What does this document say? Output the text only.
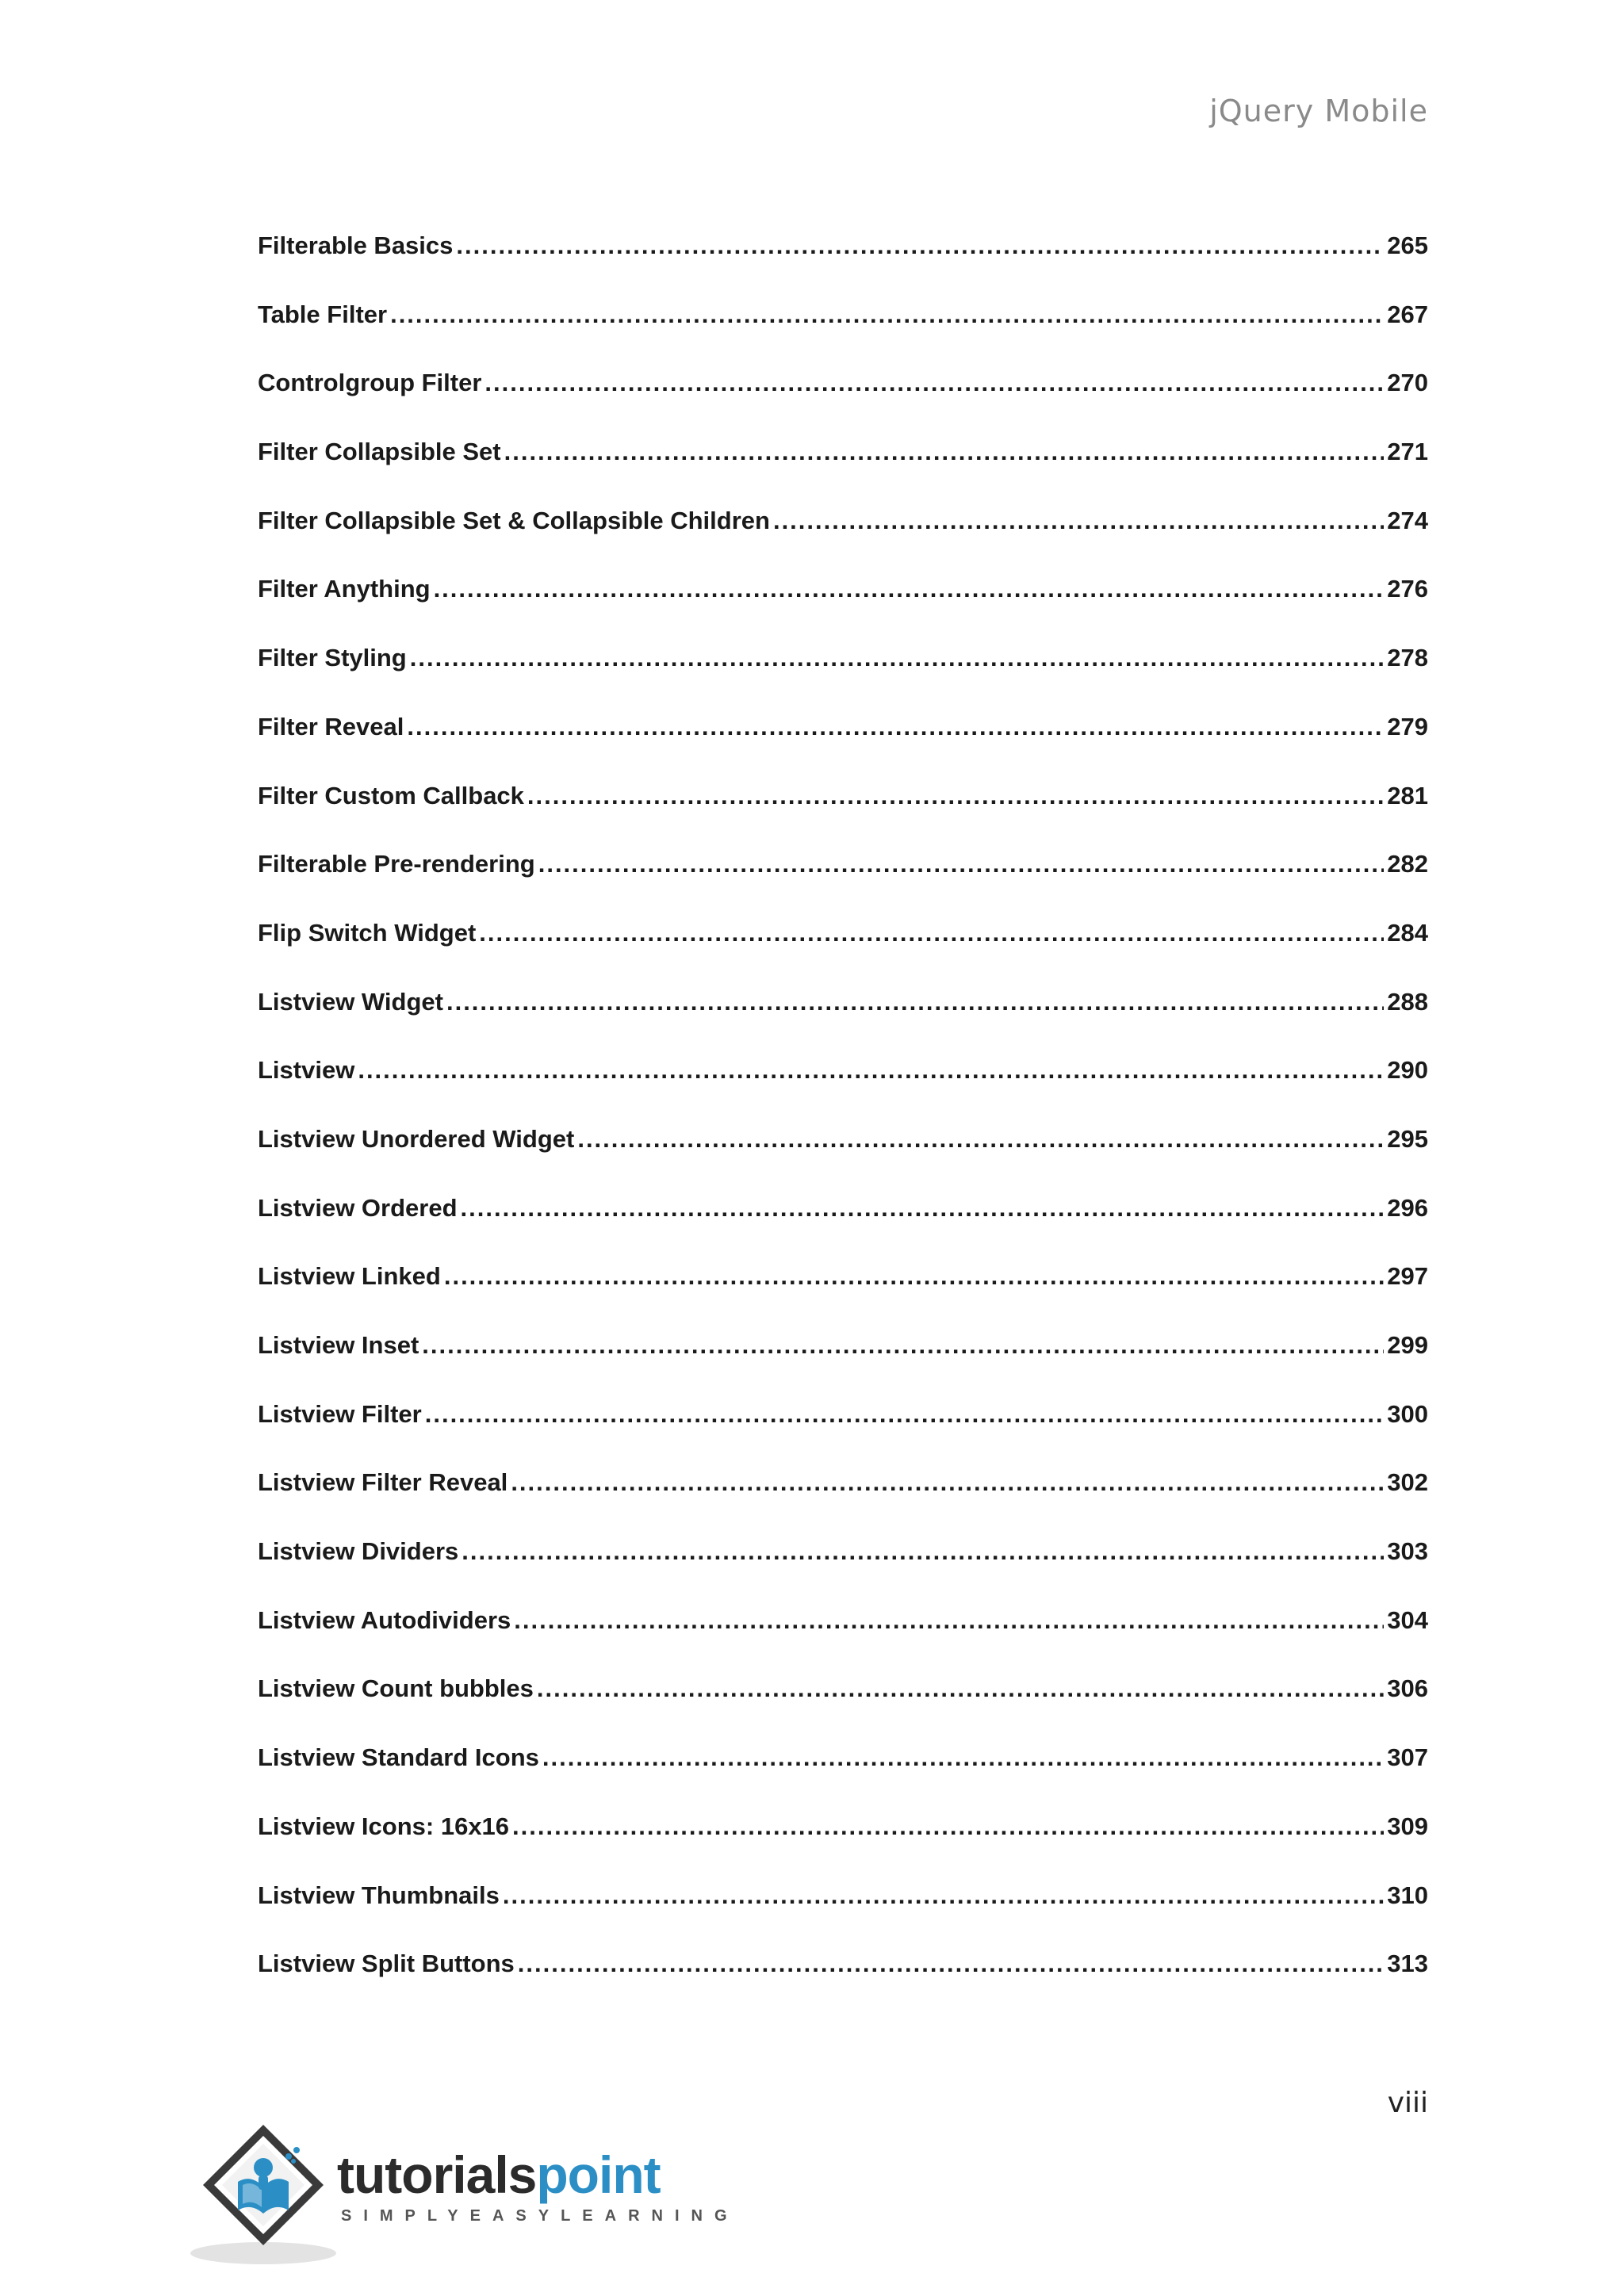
jQuery Mobile
Filterable Basics .....	265
Table Filter .....	267
Controlgroup Filter .....	270
Filter Collapsible Set .....	271
Filter Collapsible Set & Collapsible Children .....	274
Filter Anything .....	276
Filter Styling .....	278
Filter Reveal .....	279
Filter Custom Callback .....	281
Filterable Pre-rendering .....	282
Flip Switch Widget .....	284
Listview Widget .....	288
Listview .....	290
Listview Unordered Widget .....	295
Listview Ordered .....	296
Listview Linked .....	297
Listview Inset .....	299
Listview Filter .....	300
Listview Filter Reveal .....	302
Listview Dividers .....	303
Listview Autodividers .....	304
Listview Count bubbles .....	306
Listview Standard Icons .....	307
Listview Icons: 16x16 .....	309
Listview Thumbnails .....	310
Listview Split Buttons .....	313
viii
tutorialspoint
SIMPLYEASYLEARNING
